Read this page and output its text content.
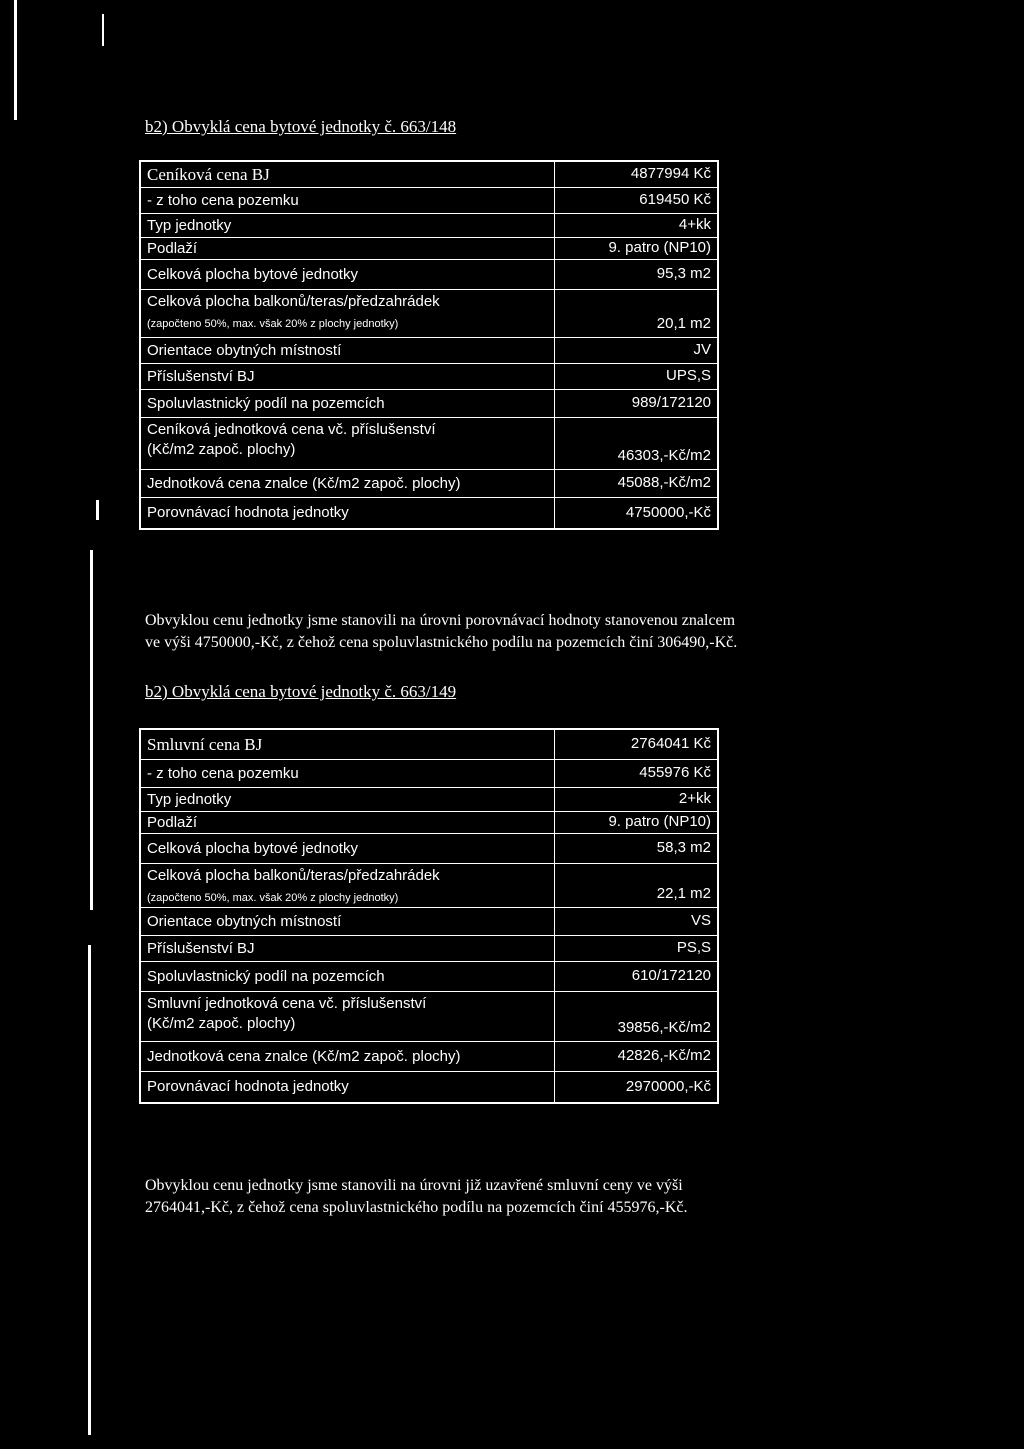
b2) Obvyklá cena bytové jednotky č. 663/148
Ceníková cena BJ	4877994 Kč
- z toho cena pozemku	619450 Kč
Typ jednotky	4+kk
Podlaží	9. patro (NP10)
Celková plocha bytové jednotky	95,3 m2
Celková plocha balkonů/teras/předzahrádek
(započteno 50%, max. však 20% z plochy jednotky)	20,1 m2
Orientace obytných místností	JV
Příslušenství BJ	UPS,S
Spoluvlastnický podíl na pozemcích	989/172120
Ceníková jednotková cena vč. příslušenství
(Kč/m2 započ. plochy)	46303,-Kč/m2
Jednotková cena znalce (Kč/m2 započ. plochy)	45088,-Kč/m2
Porovnávací hodnota jednotky	4750000,-Kč
Obvyklou cenu jednotky jsme stanovili na úrovni porovnávací hodnoty stanovenou znalcem
ve výši 4750000,-Kč, z čehož cena spoluvlastnického podílu na pozemcích činí 306490,-Kč.
b2) Obvyklá cena bytové jednotky č. 663/149
Smluvní cena BJ	2764041 Kč
- z toho cena pozemku	455976 Kč
Typ jednotky	2+kk
Podlaží	9. patro (NP10)
Celková plocha bytové jednotky	58,3 m2
Celková plocha balkonů/teras/předzahrádek
(započteno 50%, max. však 20% z plochy jednotky)	22,1 m2
Orientace obytných místností	VS
Příslušenství BJ	PS,S
Spoluvlastnický podíl na pozemcích	610/172120
Smluvní jednotková cena vč. příslušenství
(Kč/m2 započ. plochy)	39856,-Kč/m2
Jednotková cena znalce (Kč/m2 započ. plochy)	42826,-Kč/m2
Porovnávací hodnota jednotky	2970000,-Kč
Obvyklou cenu jednotky jsme stanovili na úrovni již uzavřené smluvní ceny ve výši
2764041,-Kč, z čehož cena spoluvlastnického podílu na pozemcích činí 455976,-Kč.
